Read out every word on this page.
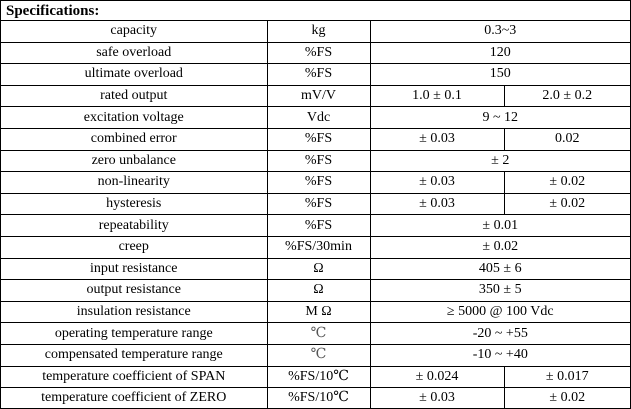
Specifications:
capacity	kg	0.3~3	
safe overload	%FS	120	
ultimate overload	%FS	150	
rated output	mV/V	1.0 ± 0.1	2.0 ± 0.2
excitation voltage	Vdc	9 ~ 12	
combined error	%FS	± 0.03	0.02
zero unbalance	%FS	± 2	
non-linearity	%FS	± 0.03	± 0.02
hysteresis	%FS	± 0.03	± 0.02
repeatability	%FS	± 0.01	
creep	%FS/30min	± 0.02	
input resistance	Ω	405 ± 6	
output resistance	Ω	350 ± 5	
insulation resistance	M Ω	≥ 5000 @ 100 Vdc	
operating temperature range	℃	-20 ~ +55	
compensated temperature range	℃	-10 ~ +40	
temperature coefficient of SPAN	%FS/10℃	± 0.024	± 0.017
temperature coefficient of ZERO	%FS/10℃	± 0.03	± 0.02
